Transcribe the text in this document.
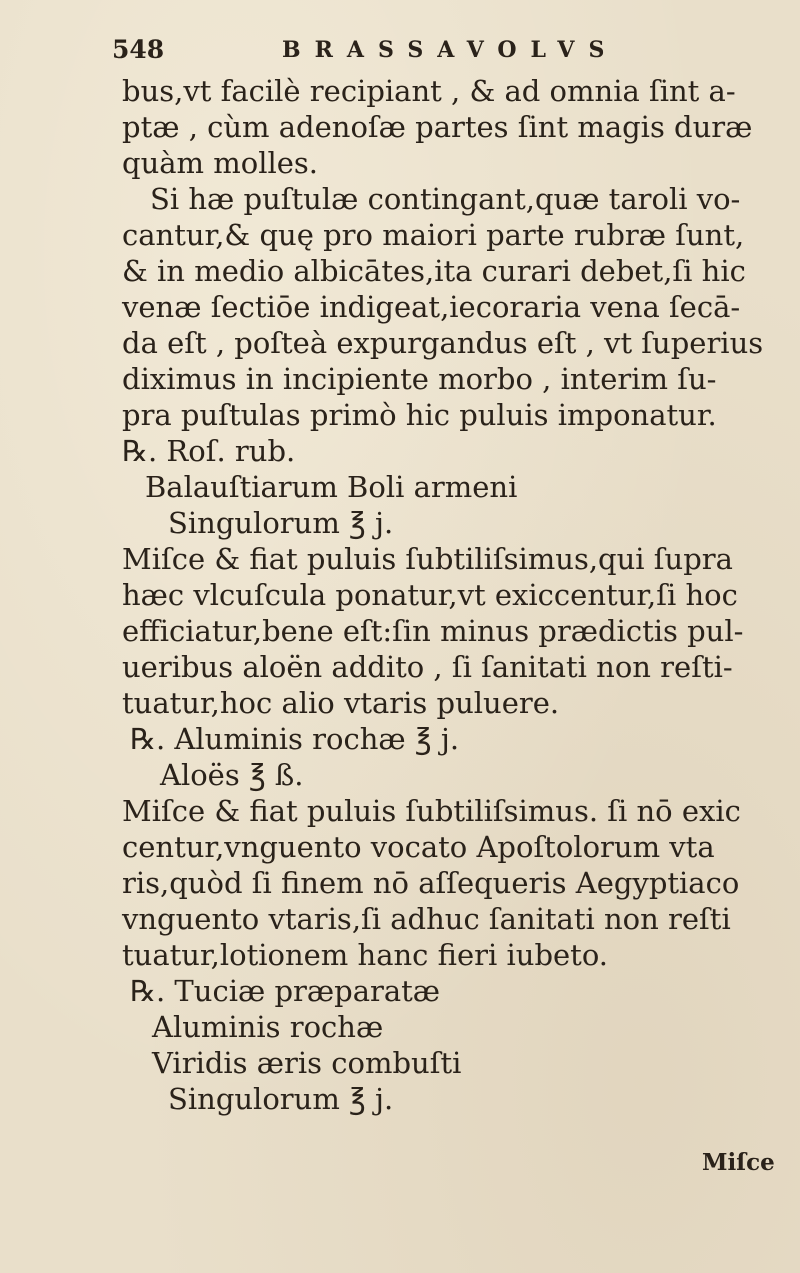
548	BRASSAVOLVS
bus,vt facilè recipiant , & ad omnia ſint a-
ptæ , cùm adenoſæ partes ſint magis duræ
quàm molles.
Si hæ puſtulæ contingant,quæ taroli vo-
cantur,& quę pro maiori parte rubræ ſunt,
& in medio albicātes,ita curari debet,ſi hic
venæ ſectiōe indigeat,iecoraria vena ſecā-
da eſt , poſteà expurgandus eſt , vt ſuperius
diximus in incipiente morbo , interim ſu-
pra puſtulas primò hic puluis imponatur.
℞. Roſ. rub.
Balauſtiarum Boli armeni
Singulorum ℥ j.
Miſce & fiat puluis ſubtiliſsimus,qui ſupra
hæc vlcuſcula ponatur,vt exiccentur,ſi hoc
efficiatur,bene eſt:ſin minus prædictis pul-
ueribus aloën addito , ſi ſanitati non reſti-
tuatur,hoc alio vtaris puluere.
℞. Aluminis rochæ ℥ j.
Aloës ℥ ß.
Miſce & fiat puluis ſubtiliſsimus. ſi nō exic
centur,vnguento vocato Apoſtolorum vta
ris,quòd ſi finem nō aſſequeris Aegyptiaco
vnguento vtaris,ſi adhuc ſanitati non reſti
tuatur,lotionem hanc fieri iubeto.
℞. Tuciæ præparatæ
Aluminis rochæ
Viridis æris combuſti
Singulorum ℥ j.
Miſce
